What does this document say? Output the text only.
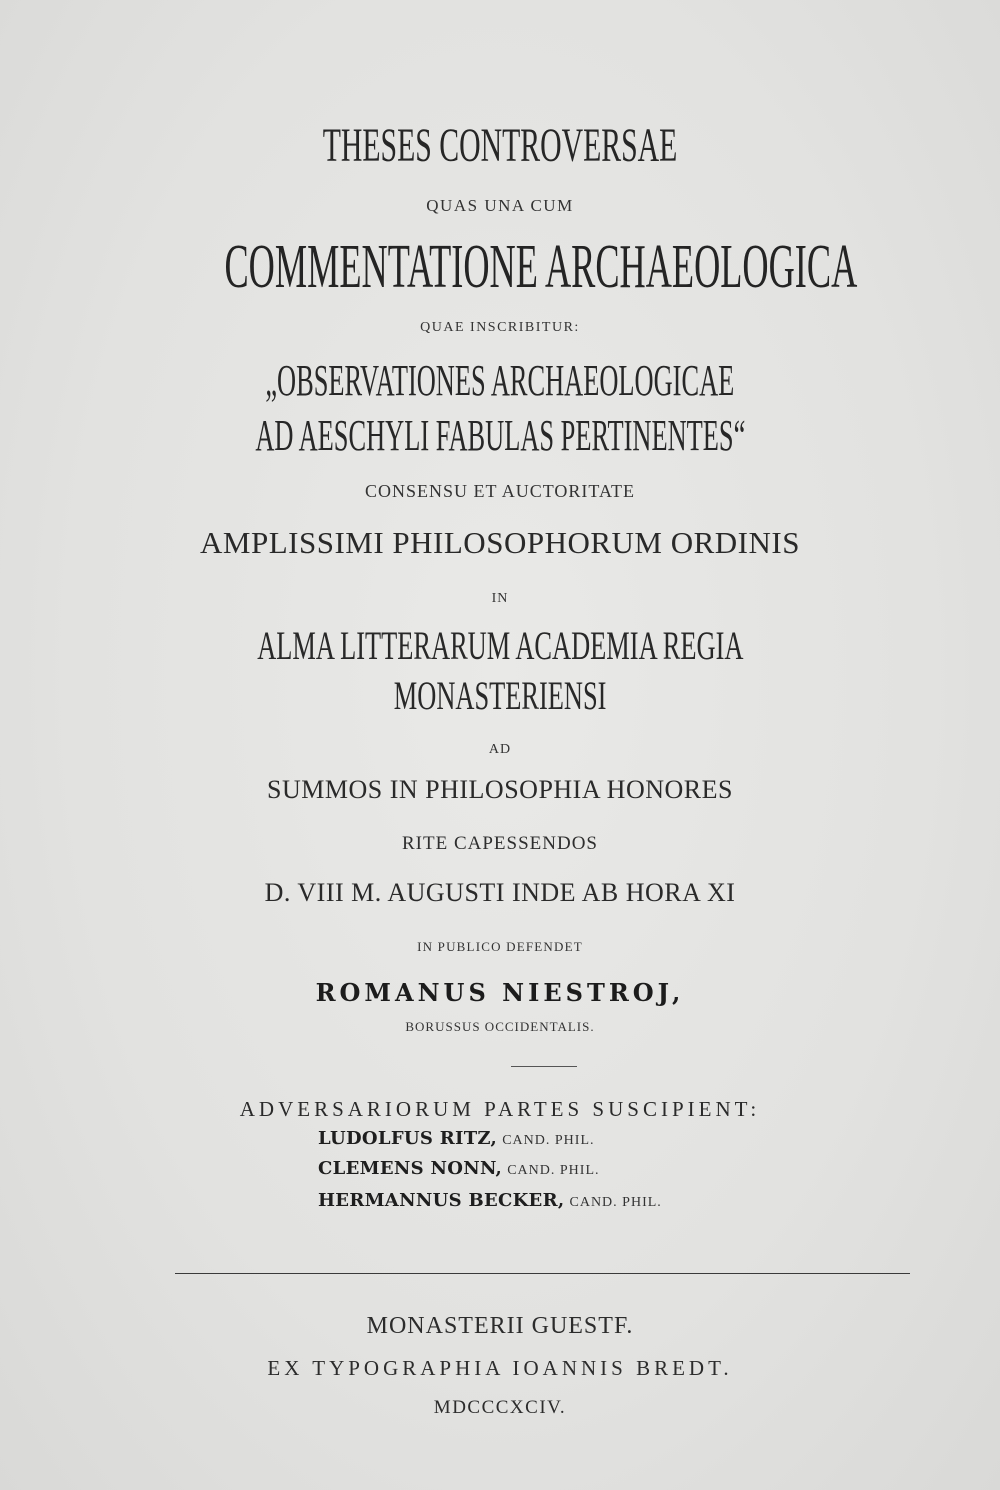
THESES CONTROVERSAE
QUAS UNA CUM
COMMENTATIONE ARCHAEOLOGICA
QUAE INSCRIBITUR:
„OBSERVATIONES ARCHAEOLOGICAE
AD AESCHYLI FABULAS PERTINENTES“
CONSENSU ET AUCTORITATE
AMPLISSIMI PHILOSOPHORUM ORDINIS
IN
ALMA LITTERARUM ACADEMIA REGIA
MONASTERIENSI
AD
SUMMOS IN PHILOSOPHIA HONORES
RITE CAPESSENDOS
D. VIII M. AUGUSTI INDE AB HORA XI
IN PUBLICO DEFENDET
ROMANUS NIESTROJ,
BORUSSUS OCCIDENTALIS.
ADVERSARIORUM PARTES SUSCIPIENT:
LUDOLFUS RITZ, CAND. PHIL.
CLEMENS NONN, CAND. PHIL.
HERMANNUS BECKER, CAND. PHIL.
MONASTERII GUESTF.
EX TYPOGRAPHIA IOANNIS BREDT.
MDCCCXCIV.
